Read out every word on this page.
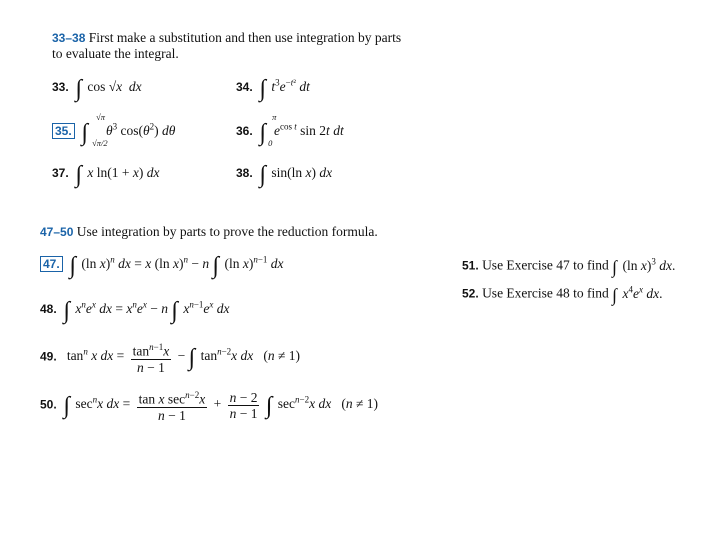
33–38 First make a substitution and then use integration by parts
to evaluate the integral.
33. ∫ cos √x dx	34. ∫ $t^3e^{-t^2}$ dt
35. ∫ $\theta^3$ $\cos(\theta^2)$ dθ
√π
√π/2
36. ∫ $e^{cos t}$ sin 2t dt
π
0
37. ∫ x ln(1 + x) dx	38. ∫ sin(ln x) dx
47–50 Use integration by parts to prove the reduction formula.
47. ∫ (ln x)$^n$ dx = x (ln x)$^n$ − n ∫ (ln x)$^{n-1}$ dx
48. ∫ $x^ne^x$ dx = $x^ne^x - n$ ∫ $x^{n-1}e^x$ dx
49.   $\tan^n x$ dx = $\frac{\tan^{n-1}x}{n - 1}$ − ∫ $\tan^{n-2}x$ dx   (n ≠ 1)
50. ∫ $\sec^nx$ dx = $\frac{\tan x \sec^{n-2}x}{n - 1} + \frac{n - 2}{n - 1}$ ∫ $\sec^{n-2}x$ dx   (n ≠ 1)
51. Use Exercise 47 to find ∫ (ln x)$^3$ dx.
52. Use Exercise 48 to find ∫ $x^4e^x$ dx.
